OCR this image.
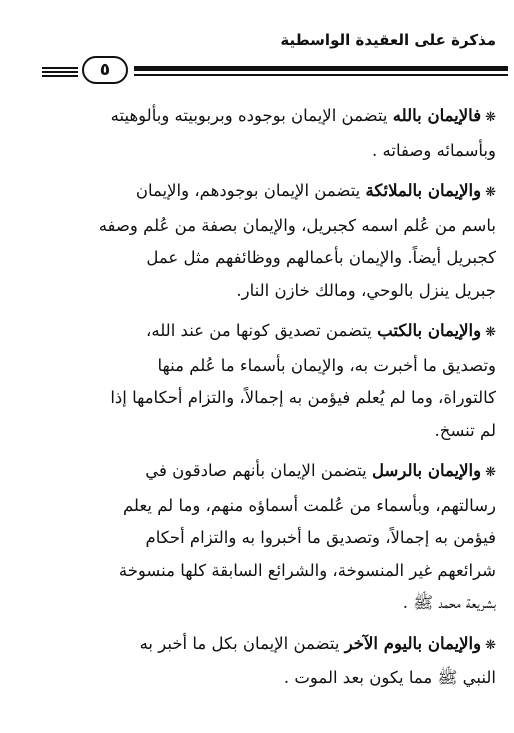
مذكرة على العقيدة الواسطية
٥
❋فالإيمان بالله يتضمن الإيمان بوجوده وبربوبيته وبألوهيته
وبأسمائه وصفاته .
❋والإيمان بالملائكة يتضمن الإيمان بوجودهم، والإيمان
باسم من عُلم اسمه كجبريل، والإيمان بصفة من عُلم وصفه
كجبريل أيضاً. والإيمان بأعمالهم ووظائفهم مثل عمل
جبريل ينزل بالوحي، ومالك خازن النار.
❋والإيمان بالكتب يتضمن تصديق كونها من عند الله،
وتصديق ما أخبرت به، والإيمان بأسماء ما عُلم منها
كالتوراة، وما لم يُعلم فيؤمن به إجمالاً، والتزام أحكامها إذا
لم تنسخ.
❋والإيمان بالرسل يتضمن الإيمان بأنهم صادقون في
رسالتهم، وبأسماء من عُلمت أسماؤه منهم، وما لم يعلم
فيؤمن به إجمالاً، وتصديق ما أخبروا به والتزام أحكام
شرائعهم غير المنسوخة، والشرائع السابقة كلها منسوخة
بشريعة محمد ﷺ .
❋والإيمان باليوم الآخر يتضمن الإيمان بكل ما أخبر به
النبي ﷺ مما يكون بعد الموت .
